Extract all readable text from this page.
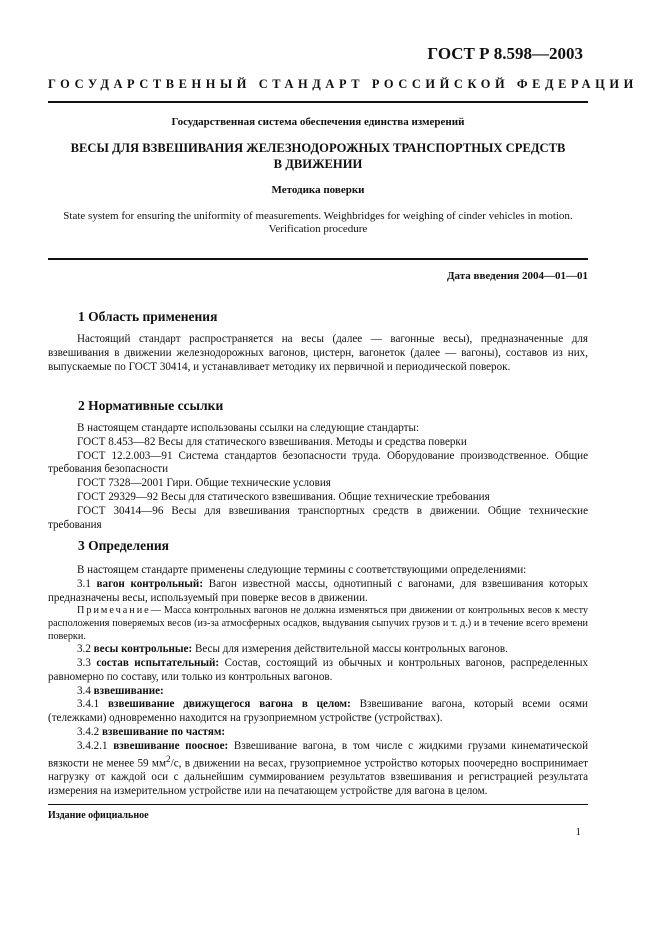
ГОСТ Р 8.598—2003
ГОСУДАРСТВЕННЫЙ СТАНДАРТ РОССИЙСКОЙ ФЕДЕРАЦИИ
Государственная система обеспечения единства измерений
ВЕСЫ ДЛЯ ВЗВЕШИВАНИЯ ЖЕЛЕЗНОДОРОЖНЫХ ТРАНСПОРТНЫХ СРЕДСТВ
В ДВИЖЕНИИ
Методика поверки
State system for ensuring the uniformity of measurements. Weighbridges for weighing of cinder vehicles in motion.
Verification procedure
Дата введения 2004—01—01
1 Область применения

Настоящий стандарт распространяется на весы (далее — вагонные весы), предназначенные для взвешивания в движении железнодорожных вагонов, цистерн, вагонеток (далее — вагоны), составов из них, выпускаемые по ГОСТ 30414, и устанавливает методику их первичной и периодической поверок.

2 Нормативные ссылки

В настоящем стандарте использованы ссылки на следующие стандарты:

ГОСТ 8.453—82 Весы для статического взвешивания. Методы и средства поверки

ГОСТ 12.2.003—91 Система стандартов безопасности труда. Оборудование производственное. Общие требования безопасности

ГОСТ 7328—2001 Гири. Общие технические условия

ГОСТ 29329—92 Весы для статического взвешивания. Общие технические требования

ГОСТ 30414—96 Весы для взвешивания транспортных средств в движении. Общие технические требования

3 Определения

В настоящем стандарте применены следующие термины с соответствующими определениями:

3.1 вагон контрольный: Вагон известной массы, однотипный с вагонами, для взвешивания которых предназначены весы, используемый при поверке весов в движении.

Примечание— Масса контрольных вагонов не должна изменяться при движении от контрольных весов к месту расположения поверяемых весов (из-за атмосферных осадков, выдувания сыпучих грузов и т. д.) и в течение всего времени поверки.

3.2 весы контрольные: Весы для измерения действительной массы контрольных вагонов.

3.3 состав испытательный: Состав, состоящий из обычных и контрольных вагонов, распределенных равномерно по составу, или только из контрольных вагонов.

3.4 взвешивание:

3.4.1 взвешивание движущегося вагона в целом: Взвешивание вагона, который всеми осями (тележками) одновременно находится на грузоприемном устройстве (устройствах).

3.4.2 взвешивание по частям:

3.4.2.1 взвешивание поосное: Взвешивание вагона, в том числе с жидкими грузами кинематической вязкости не менее 59 $мм^2/с$, в движении на весах, грузоприемное устройство которых поочередно воспринимает нагрузку от каждой оси с дальнейшим суммированием результатов взвешивания и регистрацией результата измерения на измерительном устройстве или на печатающем устройстве для вагона в целом.

Издание официальное
1
